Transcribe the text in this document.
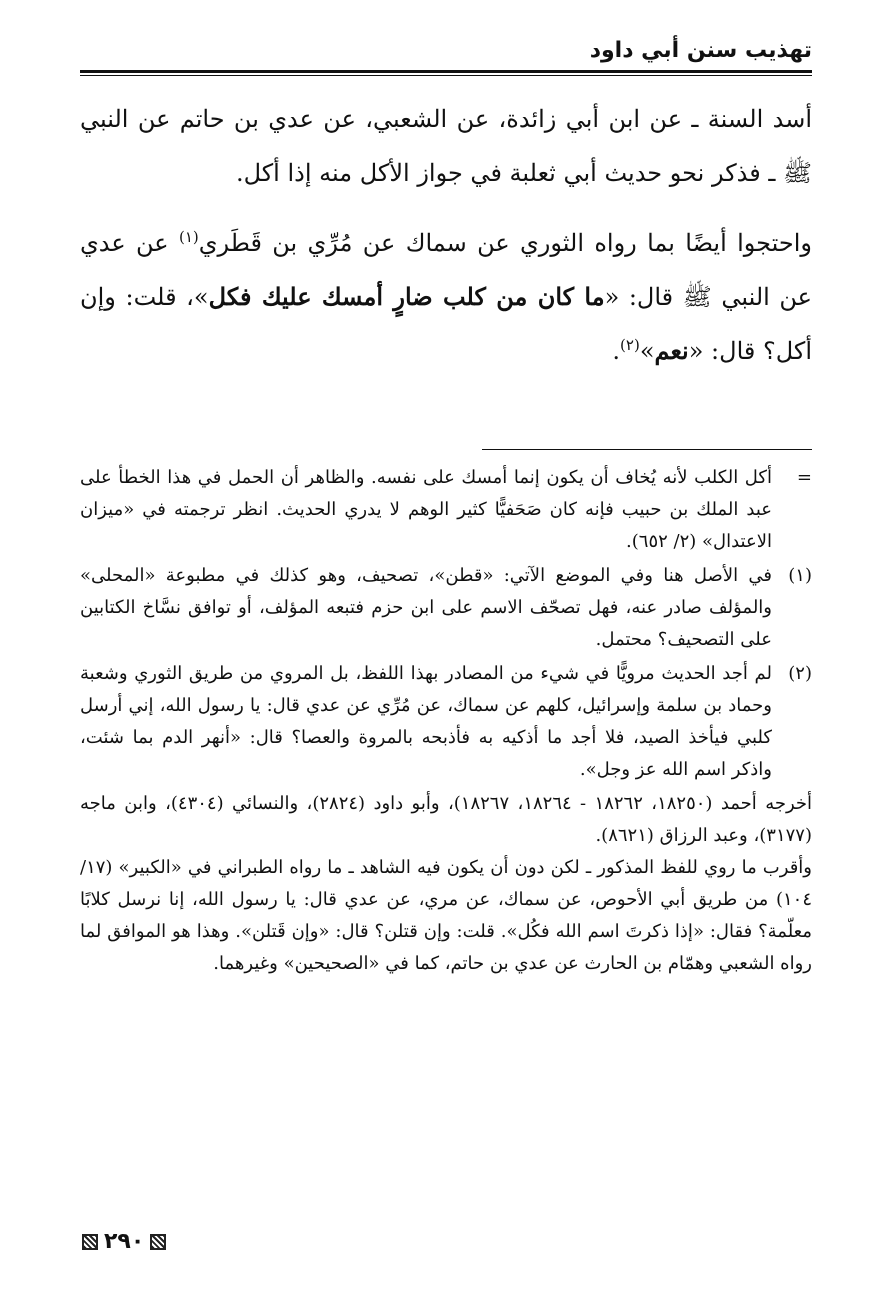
تهذيب سنن أبي داود

أسد السنة ـ عن ابن أبي زائدة، عن الشعبي، عن عدي بن حاتم عن النبي ﷺ ـ فذكر نحو حديث أبي ثعلبة في جواز الأكل منه إذا أكل.

واحتجوا أيضًا بما رواه الثوري عن سماك عن مُرِّي بن قَطَري$^{(١)}$ عن عدي عن النبي ﷺ قال: «ما كان من كلب ضارٍ أمسك عليك فكل»، قلت: وإن أكل؟ قال: «نعم»$^{(٢)}$.

=

أكل الكلب لأنه يُخاف أن يكون إنما أمسك على نفسه. والظاهر أن الحمل في هذا الخطأ على عبد الملك بن حبيب فإنه كان صَحَفيًّا كثير الوهم لا يدري الحديث. انظر ترجمته في «ميزان الاعتدال» (٢/ ٦٥٢).

(١)

في الأصل هنا وفي الموضع الآتي: «قطن»، تصحيف، وهو كذلك في مطبوعة «المحلى» والمؤلف صادر عنه، فهل تصحّف الاسم على ابن حزم فتبعه المؤلف، أو توافق نسَّاخ الكتابين على التصحيف؟ محتمل.

(٢)

لم أجد الحديث مرويًّا في شيء من المصادر بهذا اللفظ، بل المروي من طريق الثوري وشعبة وحماد بن سلمة وإسرائيل، كلهم عن سماك، عن مُرِّي عن عدي قال: يا رسول الله، إني أرسل كلبي فيأخذ الصيد، فلا أجد ما أذكيه به فأذبحه بالمروة والعصا؟ قال: «أنهر الدم بما شئت، واذكر اسم الله عز وجل».

أخرجه أحمد (١٨٢٥٠، ١٨٢٦٢ - ١٨٢٦٤، ١٨٢٦٧)، وأبو داود (٢٨٢٤)، والنسائي (٤٣٠٤)، وابن ماجه (٣١٧٧)، وعبد الرزاق (٨٦٢١).

وأقرب ما روي للفظ المذكور ـ لكن دون أن يكون فيه الشاهد ـ ما رواه الطبراني في «الكبير» (١٧/ ١٠٤) من طريق أبي الأحوص، عن سماك، عن مري، عن عدي قال: يا رسول الله، إنا نرسل كلابًا معلّمة؟ فقال: «إذا ذكرتَ اسم الله فكُل». قلت: وإن قتلن؟ قال: «وإن قَتلن». وهذا هو الموافق لما رواه الشعبي وهمّام بن الحارث عن عدي بن حاتم، كما في «الصحيحين» وغيرهما.

٢٩٠
